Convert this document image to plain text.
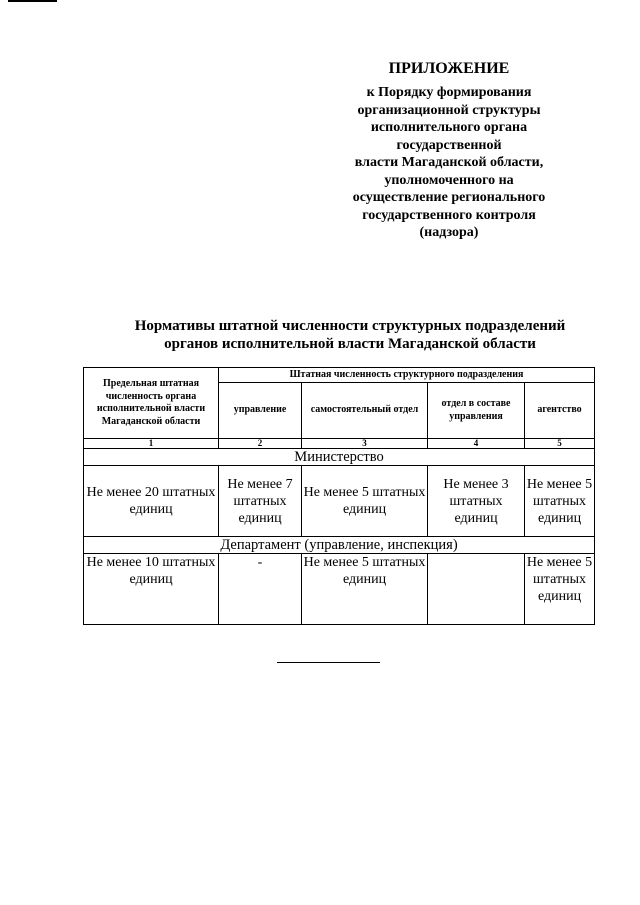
ПРИЛОЖЕНИЕ
к Порядку формирования
организационной структуры
исполнительного органа
государственной
власти Магаданской области,
уполномоченного на
осуществление регионального
государственного контроля
(надзора)
Нормативы штатной численности структурных подразделений
органов исполнительной власти Магаданской области
Предельная штатная численность органа исполнительной власти Магаданской области	Штатная численность структурного подразделения			
	управление	самостоятельный отдел	отдел в составе управления	агентство
1	2	3	4	5
Министерство				
Не менее 20 штатных единиц	Не менее 7 штатных единиц	Не менее 5 штатных единиц	Не менее 3 штатных единиц	Не менее 5 штатных единиц
Департамент (управление, инспекция)				
Не менее 10 штатных единиц	-	Не менее 5 штатных единиц		Не менее 5 штатных единиц
